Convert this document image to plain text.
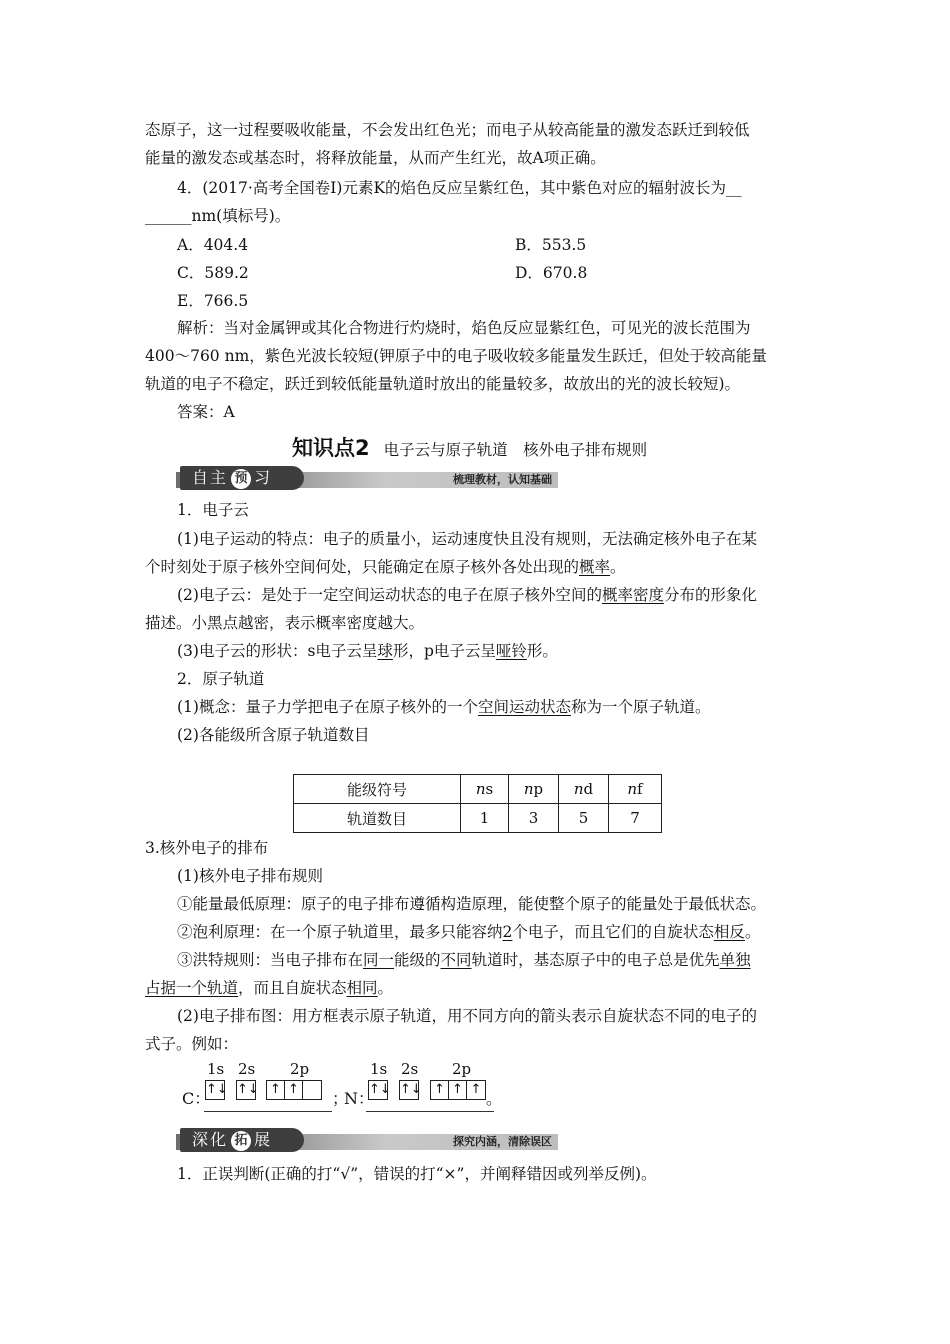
态原子，这一过程要吸收能量，不会发出红色光；而电子从较高能量的激发态跃迁到较低
能量的激发态或基态时，将释放能量，从而产生红光，故A项正确。
4．(2017·高考全国卷Ⅰ)元素K的焰色反应呈紫红色，其中紫色对应的辐射波长为__
______nm(填标号)。
A．404.4	B．553.5
C．589.2	D．670.8
E．766.5
解析：当对金属钾或其化合物进行灼烧时，焰色反应显紫红色，可见光的波长范围为
400～760 nm，紫色光波长较短(钾原子中的电子吸收较多能量发生跃迁，但处于较高能量
轨道的电子不稳定，跃迁到较低能量轨道时放出的能量较多，故放出的光的波长较短)。
答案：A
知识点2 电子云与原子轨道　核外电子排布规则
自主 预 习	梳理教材，认知基础
1．电子云
(1)电子运动的特点：电子的质量小，运动速度快且没有规则，无法确定核外电子在某
个时刻处于原子核外空间何处，只能确定在原子核外各处出现的概率。
(2)电子云：是处于一定空间运动状态的电子在原子核外空间的概率密度分布的形象化
描述。小黑点越密，表示概率密度越大。
(3)电子云的形状：s电子云呈球形，p电子云呈哑铃形。
2．原子轨道
(1)概念：量子力学把电子在原子核外的一个空间运动状态称为一个原子轨道。
(2)各能级所含原子轨道数目
能级符号	ns	np	nd	nf
轨道数目	1	3	5	7
3.核外电子的排布
(1)核外电子排布规则
①能量最低原理：原子的电子排布遵循构造原理，能使整个原子的能量处于最低状态。
②泡利原理：在一个原子轨道里，最多只能容纳2个电子，而且它们的自旋状态相反。
③洪特规则：当电子排布在同一能级的不同轨道时，基态原子中的电子总是优先单独
占据一个轨道，而且自旋状态相同。
(2)电子排布图：用方框表示原子轨道，用不同方向的箭头表示自旋状态不同的电子的
式子。例如：
C：
1s 2s 2p
↑↓ ↑↓ ↑ ↑ ；
N：
1s 2s 2p
↑↓ ↑↓ ↑ ↑ ↑ 。
深化 拓 展	探究内涵，清除误区
1．正误判断(正确的打“√”，错误的打“×”，并阐释错因或列举反例)。
